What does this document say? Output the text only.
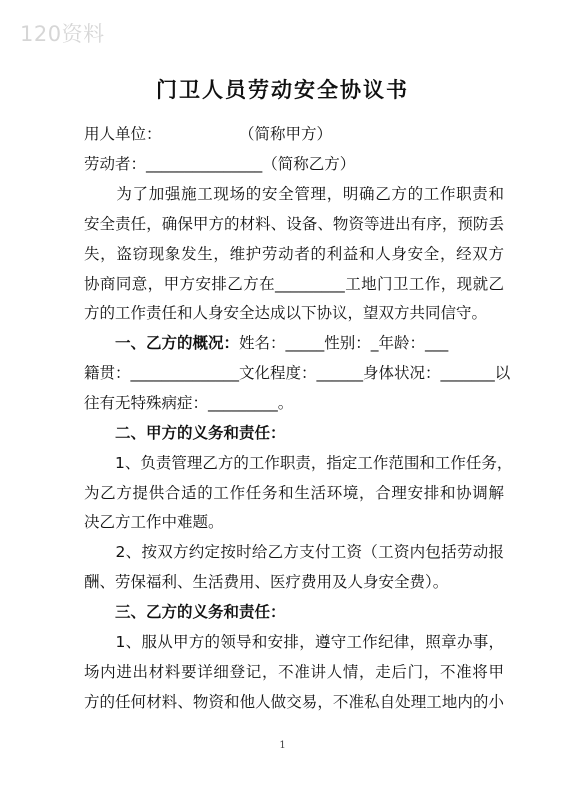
120资料
门卫人员劳动安全协议书
用人单位：　　　　　　（简称甲方）
劳动者：_______________（简称乙方）
　　为了加强施工现场的安全管理，明确乙方的工作职责和
安全责任，确保甲方的材料、设备、物资等进出有序，预防丢
失，盗窃现象发生，维护劳动者的利益和人身安全，经双方
协商同意，甲方安排乙方在_________工地门卫工作，现就乙
方的工作责任和人身安全达成以下协议，望双方共同信守。
　　一、乙方的概况：姓名：_____性别：_年龄：___
籍贯：______________文化程度：______身体状况：_______以
往有无特殊病症：_________。
　　二、甲方的义务和责任：
　　1、负责管理乙方的工作职责，指定工作范围和工作任务，
为乙方提供合适的工作任务和生活环境，合理安排和协调解
决乙方工作中难题。
　　2、按双方约定按时给乙方支付工资（工资内包括劳动报
酬、劳保福利、生活费用、医疗费用及人身安全费）。
　　三、乙方的义务和责任：
　　1、服从甲方的领导和安排，遵守工作纪律，照章办事，
场内进出材料要详细登记，不准讲人情，走后门，不准将甲
方的任何材料、物资和他人做交易，不准私自处理工地内的小
1
